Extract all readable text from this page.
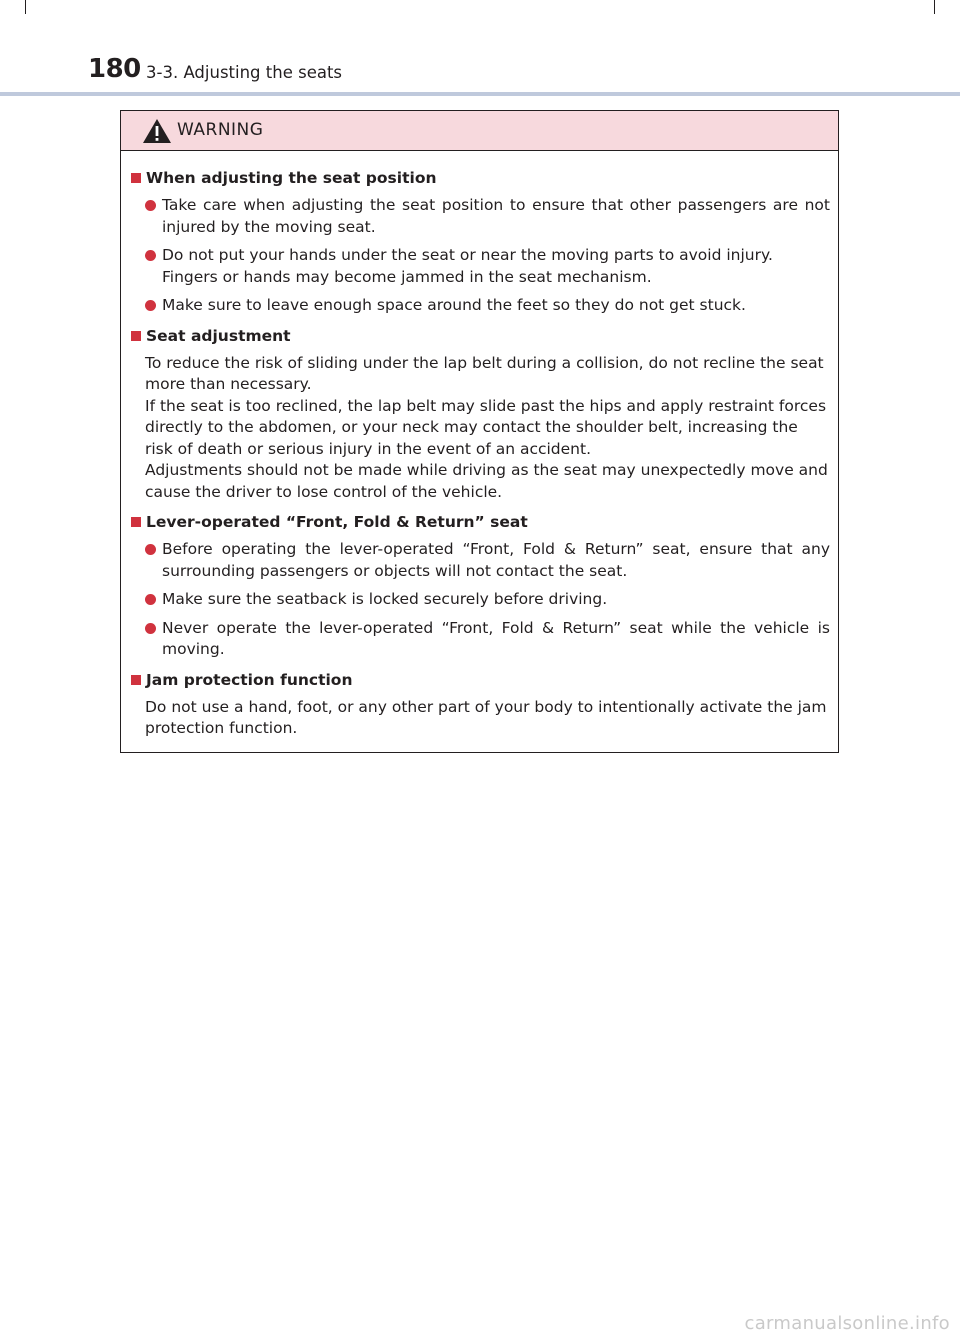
180 3-3. Adjusting the seats
WARNING
When adjusting the seat position
Take care when adjusting the seat position to ensure that other passengers are not injured by the moving seat.
Do not put your hands under the seat or near the moving parts to avoid injury. Fingers or hands may become jammed in the seat mechanism.
Make sure to leave enough space around the feet so they do not get stuck.
Seat adjustment
To reduce the risk of sliding under the lap belt during a collision, do not recline the seat more than necessary.
If the seat is too reclined, the lap belt may slide past the hips and apply restraint forces directly to the abdomen, or your neck may contact the shoulder belt, increasing the risk of death or serious injury in the event of an accident.
Adjustments should not be made while driving as the seat may unexpectedly move and cause the driver to lose control of the vehicle.
Lever-operated “Front, Fold & Return” seat
Before operating the lever-operated “Front, Fold & Return” seat, ensure that any surrounding passengers or objects will not contact the seat.
Make sure the seatback is locked securely before driving.
Never operate the lever-operated “Front, Fold & Return” seat while the vehicle is moving.
Jam protection function
Do not use a hand, foot, or any other part of your body to intentionally activate the jam protection function.
carmanualsonline.info
